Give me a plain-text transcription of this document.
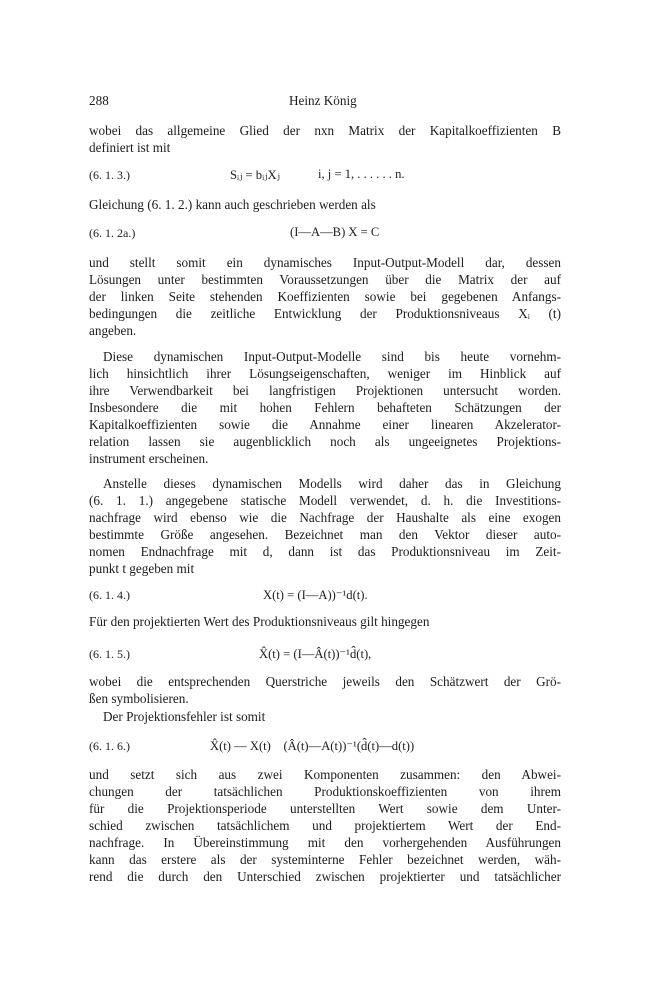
288	Heinz König
wobei das allgemeine Glied der nxn Matrix der Kapitalkoeffizienten B
definiert ist mit
(6. 1. 3.)	Sᵢⱼ = bᵢⱼXⱼ	i, j = 1, . . . . . . n.
Gleichung (6. 1. 2.) kann auch geschrieben werden als
(6. 1. 2a.)	(I—A—B) X = C
und stellt somit ein dynamisches Input-Output-Modell dar, dessen
Lösungen unter bestimmten Voraussetzungen über die Matrix der auf
der linken Seite stehenden Koeffizienten sowie bei gegebenen Anfangs-
bedingungen die zeitliche Entwicklung der Produktionsniveaus Xᵢ (t)
angeben.
Diese dynamischen Input-Output-Modelle sind bis heute vornehm-
lich hinsichtlich ihrer Lösungseigenschaften, weniger im Hinblick auf
ihre Verwendbarkeit bei langfristigen Projektionen untersucht worden.
Insbesondere die mit hohen Fehlern behafteten Schätzungen der
Kapitalkoeffizienten sowie die Annahme einer linearen Akzelerator-
relation lassen sie augenblicklich noch als ungeeignetes Projektions-
instrument erscheinen.
Anstelle dieses dynamischen Modells wird daher das in Gleichung
(6. 1. 1.) angegebene statische Modell verwendet, d. h. die Investitions-
nachfrage wird ebenso wie die Nachfrage der Haushalte als eine exogen
bestimmte Größe angesehen. Bezeichnet man den Vektor dieser auto-
nomen Endnachfrage mit d, dann ist das Produktionsniveau im Zeit-
punkt t gegeben mit
(6. 1. 4.)	X(t) = (I—A))⁻¹d(t).
Für den projektierten Wert des Produktionsniveaus gilt hingegen
(6. 1. 5.)	X̂(t) = (I—Â(t))⁻¹d̂(t),
wobei die entsprechenden Querstriche jeweils den Schätzwert der Grö-
ßen symbolisieren.
Der Projektionsfehler ist somit
(6. 1. 6.)	X̂(t) — X(t)    (Â(t)—A(t))⁻¹(d̂(t)—d(t))
und setzt sich aus zwei Komponenten zusammen: den Abwei-
chungen der tatsächlichen Produktionskoeffizienten von ihrem
für die Projektionsperiode unterstellten Wert sowie dem Unter-
schied zwischen tatsächlichem und projektiertem Wert der End-
nachfrage. In Übereinstimmung mit den vorhergehenden Ausführungen
kann das erstere als der systeminterne Fehler bezeichnet werden, wäh-
rend die durch den Unterschied zwischen projektierter und tatsächlicher
